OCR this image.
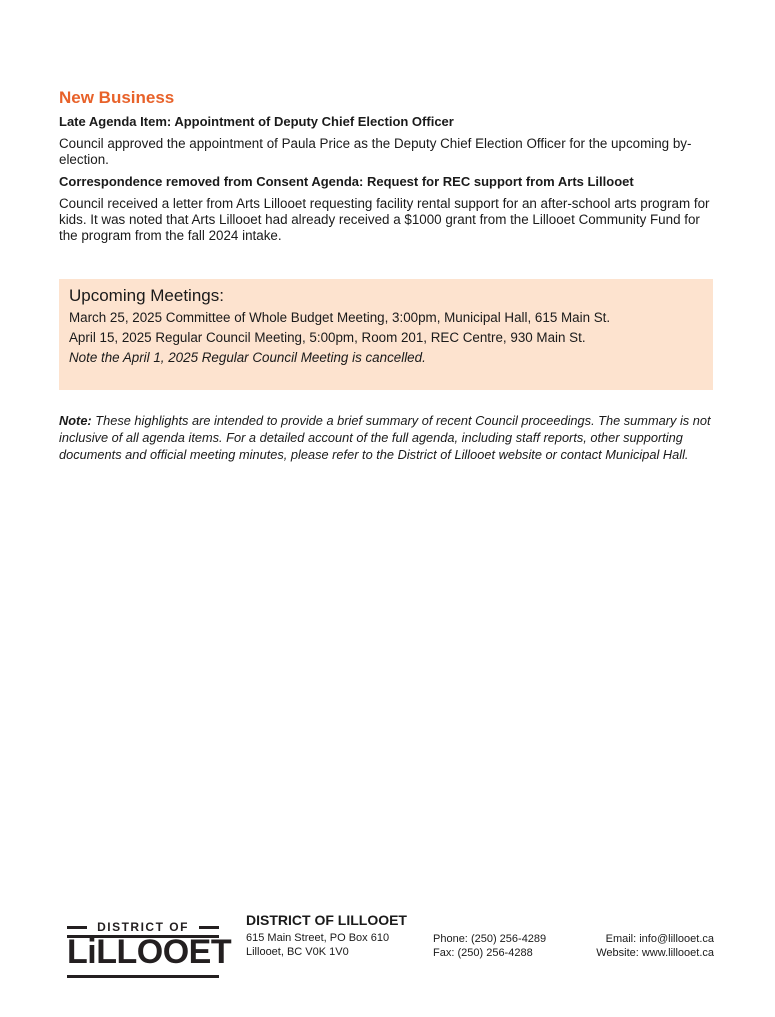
New Business
Late Agenda Item: Appointment of Deputy Chief Election Officer
Council approved the appointment of Paula Price as the Deputy Chief Election Officer for the upcoming by-election.
Correspondence removed from Consent Agenda: Request for REC support from Arts Lillooet
Council received a letter from Arts Lillooet requesting facility rental support for an after-school arts program for kids. It was noted that Arts Lillooet had already received a $1000 grant from the Lillooet Community Fund for the program from the fall 2024 intake.
Upcoming Meetings:
March 25, 2025 Committee of Whole Budget Meeting, 3:00pm, Municipal Hall, 615 Main St.
April 15, 2025 Regular Council Meeting, 5:00pm, Room 201, REC Centre, 930 Main St.
Note the April 1, 2025 Regular Council Meeting is cancelled.

Note: These highlights are intended to provide a brief summary of recent Council proceedings. The summary is not inclusive of all agenda items. For a detailed account of the full agenda, including staff reports, other supporting documents and official meeting minutes, please refer to the District of Lillooet website or contact Municipal Hall.

DISTRICT OF
LiLLOOET
DISTRICT OF LILLOOET

615 Main Street, PO Box 610

Lillooet, BC V0K 1V0

Phone: (250) 256-4289

Fax: (250) 256-4288

Email: info@lillooet.ca

Website: www.lillooet.ca
